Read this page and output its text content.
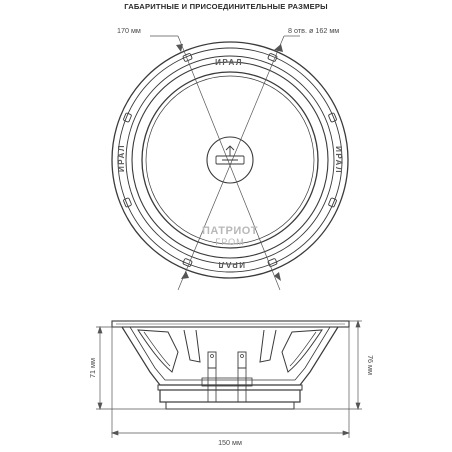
ГАБАРИТНЫЕ И ПРИСОЕДИНИТЕЛЬНЫЕ РАЗМЕРЫ
ИРАЛ
ИРАЛ
ИРАЛ	ИРАЛ
ПАТРИОТ
ГРОМ
170 мм	8 отв. ø 162 мм
71 мм	76 мм
150 мм
